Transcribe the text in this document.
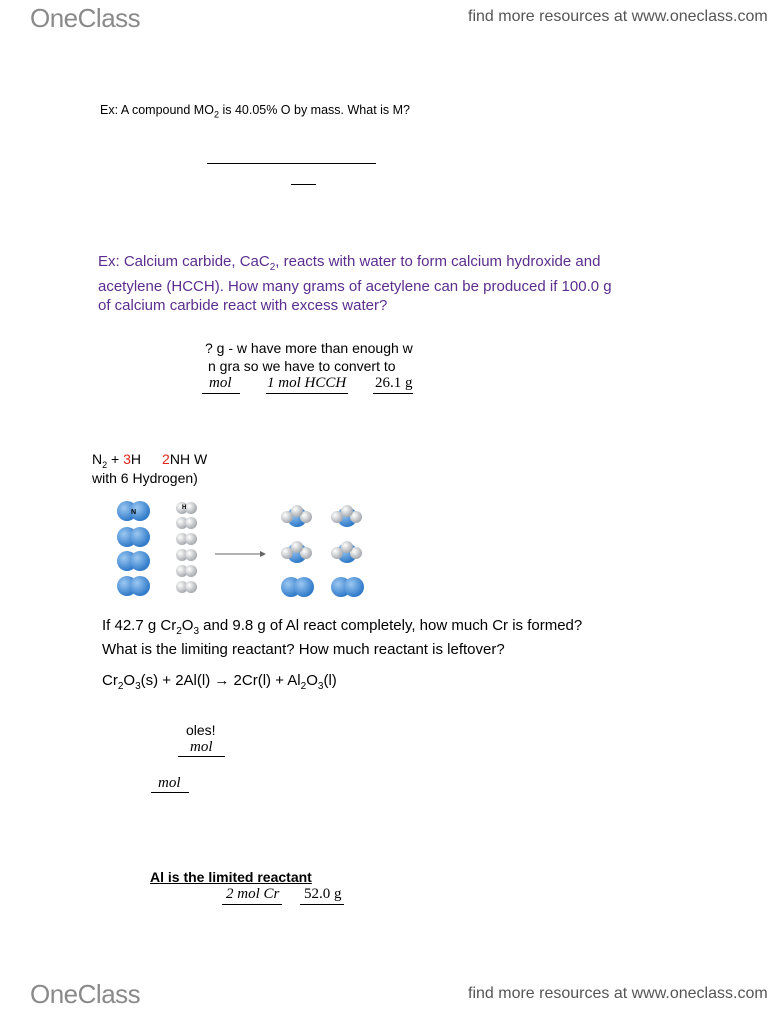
OneClass	find more resources at www.oneclass.com
Ex: A compound $MO_2$ is 40.05% O by mass. What is M?
Ex: Calcium carbide, CaC$_2$, reacts with water to form calcium hydroxide and
acetylene (HCCH). How many grams of acetylene can be produced if 100.0 g
of calcium carbide react with excess water?
? g - w have more than enough w
n gra so we have to convert to
mol 1 mol HCCH 26.1 g
$N_2 + 3H$ 2NH W
with 6 Hydrogen)
N
H
If 42.7 g $Cr_2O_3$ and 9.8 g of Al react completely, how much Cr is formed?
What is the limiting reactant? How much reactant is leftover?
$Cr_2O_3(s) + 2Al(l) \to 2Cr(l) + Al_2O_3(l)$
oles!
mol
mol
Al is the limited reactant
2 mol Cr 52.0 g
OneClass	find more resources at www.oneclass.com
